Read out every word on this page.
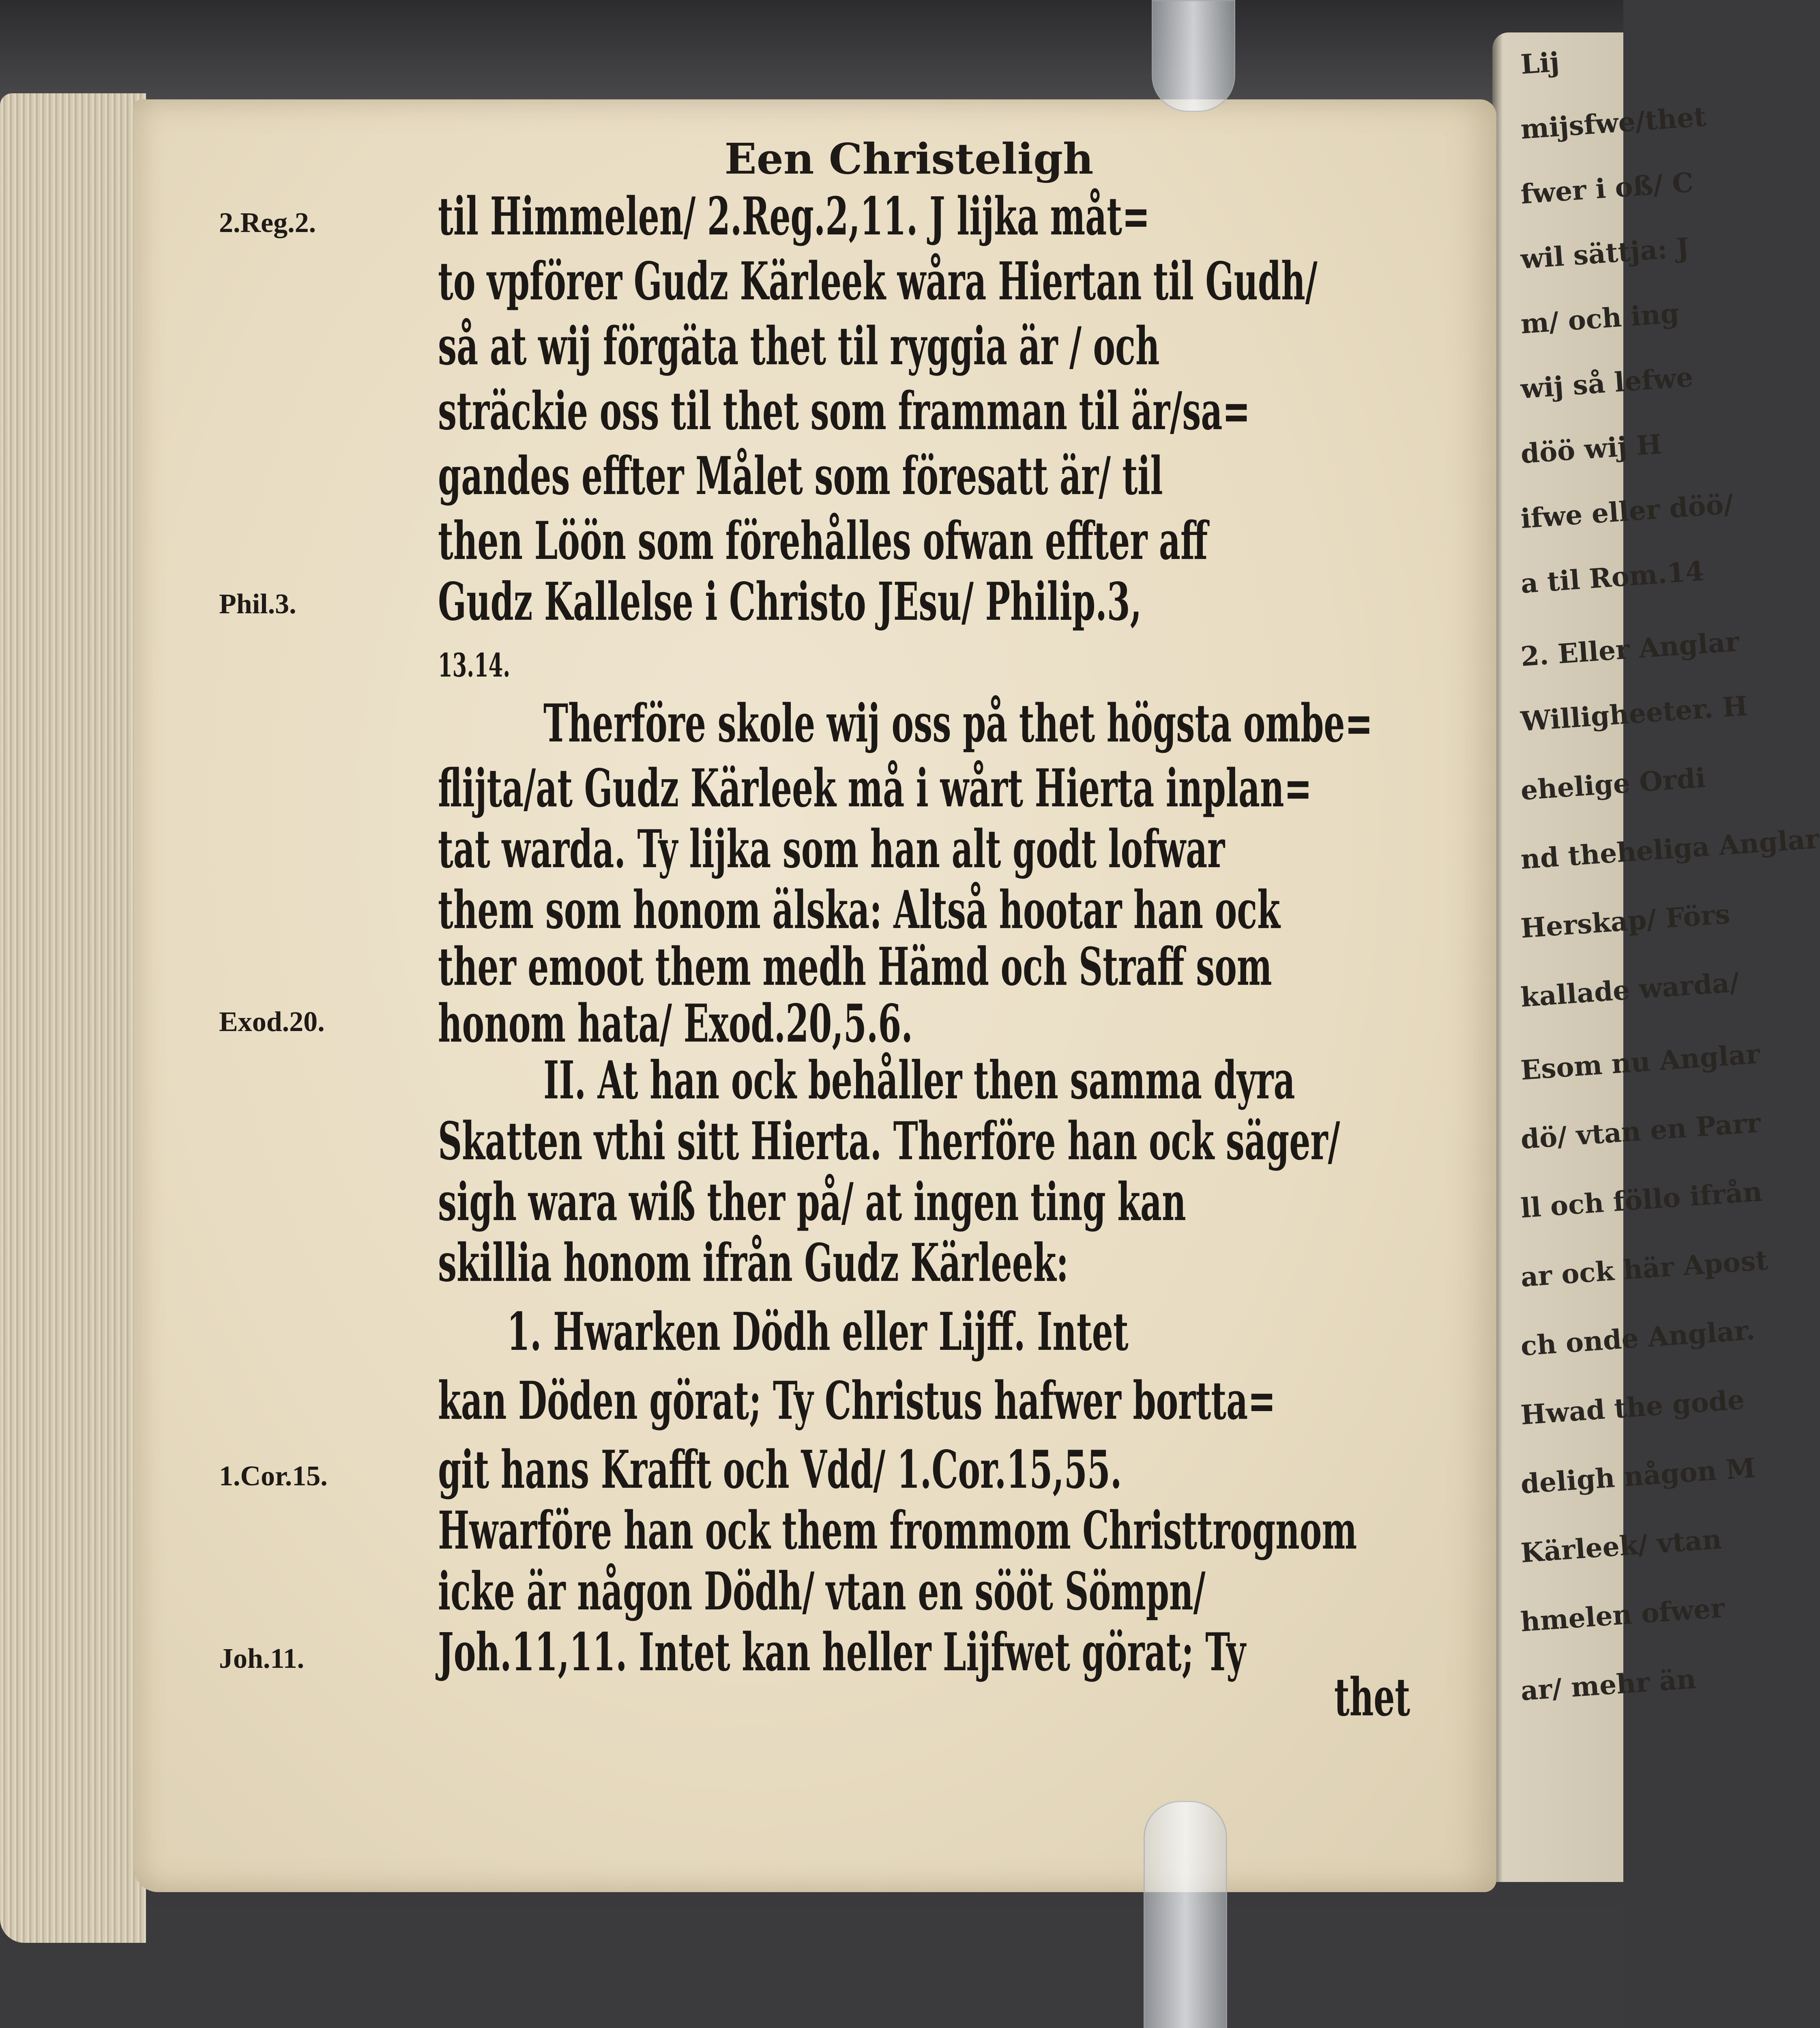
Lij
mijsfwe/thet
fwer i oß/ C
wil sättja: J
m/ och ing
wij så lefwe
döö wij H
ifwe eller döö/
a til Rom.14
2. Eller Anglar
Willigheeter. H
ehelige Ordi
nd theheliga Anglar
Herskap/ Förs
kallade warda/
Esom nu Anglar
dö/ vtan en Parr
ll och föllo ifrån
ar ock här Apost
ch onde Anglar.
Hwad the gode
deligh någon M
Kärleek/ vtan
hmelen ofwer
ar/ mehr än
Een Christeligh
2.Reg.2.
Phil.3.
Exod.20.
1.Cor.15.
Joh.11.
til Himmelen/ 2.Reg.2,11. J lijka måt=
to vpförer Gudz Kärleek wåra Hiertan til Gudh/
så at wij förgäta thet til ryggia är / och
sträckie oss til thet som framman til är/sa=
gandes effter Målet som föresatt är/ til
then Löön som förehålles ofwan effter aff
Gudz Kallelse i Christo JEsu/ Philip.3,
13.14.
Therföre skole wij oss på thet högsta ombe=
flijta/at Gudz Kärleek må i wårt Hierta inplan=
tat warda. Ty lijka som han alt godt lofwar
them som honom älska: Altså hootar han ock
ther emoot them medh Hämd och Straff som
honom hata/ Exod.20,5.6.
II. At han ock behåller then samma dyra
Skatten vthi sitt Hierta. Therföre han ock säger/
sigh wara wiß ther på/ at ingen ting kan
skillia honom ifrån Gudz Kärleek:
1. Hwarken Dödh eller Lijff. Intet
kan Döden görat; Ty Christus hafwer bortta=
git hans Krafft och Vdd/ 1.Cor.15,55.
Hwarföre han ock them frommom Christtrognom
icke är någon Dödh/ vtan en sööt Sömpn/
Joh.11,11. Intet kan heller Lijfwet görat; Ty
thet
